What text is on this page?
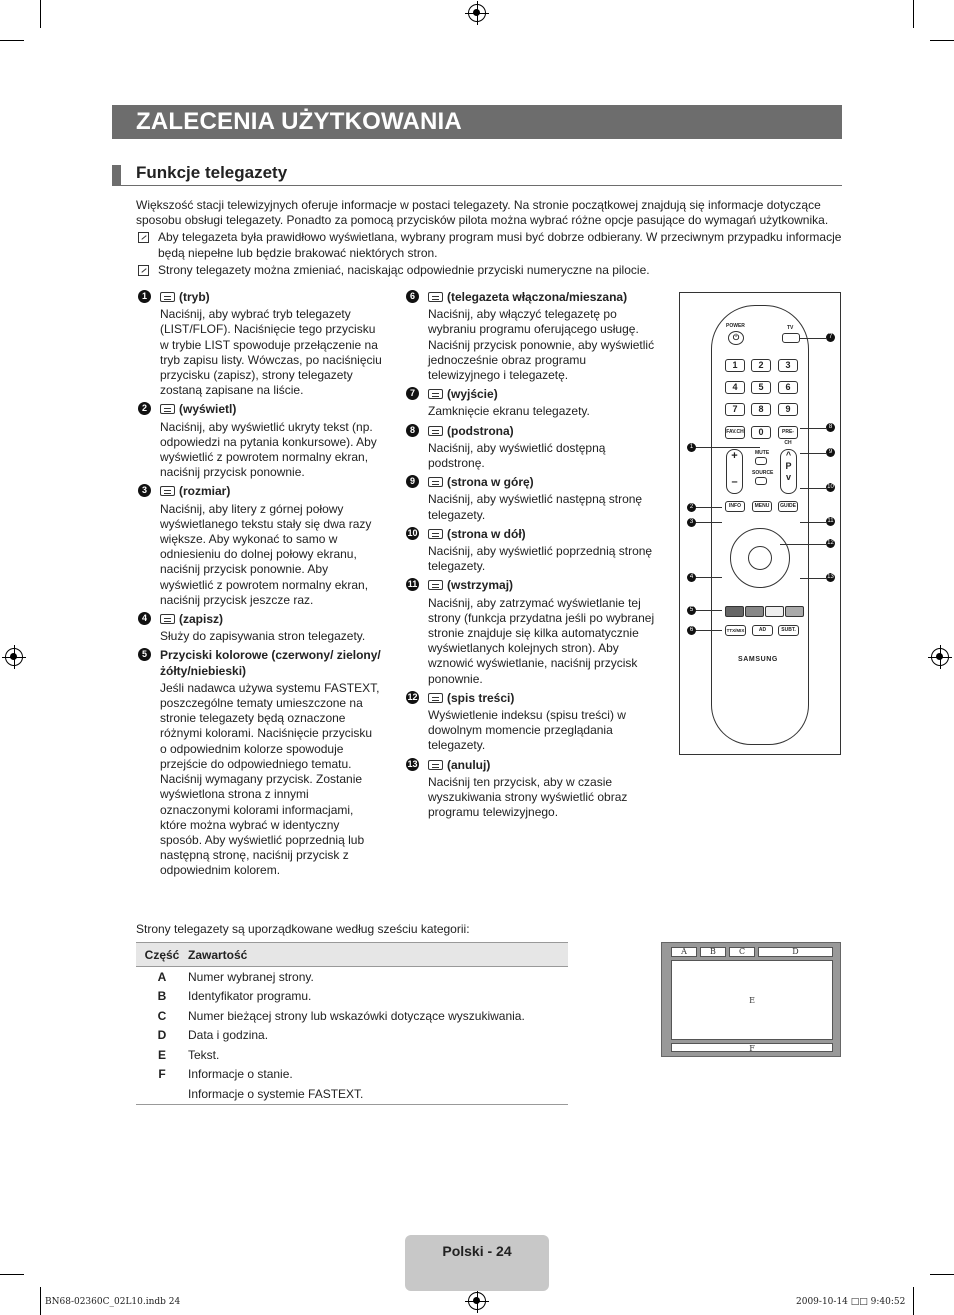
ZALECENIA UŻYTKOWANIA
Funkcje telegazety

Większość stacji telewizyjnych oferuje informacje w postaci telegazety. Na stronie początkowej znajdują się informacje dotyczące sposobu obsługi telegazety. Ponadto za pomocą przycisków pilota można wybrać różne opcje pasujące do wymagań użytkownika.

Aby telegazeta była prawidłowo wyświetlana, wybrany program musi być dobrze odbierany. W przeciwnym przypadku informacje będą niepełne lub będzie brakować niektórych stron.

Strony telegazety można zmieniać, naciskając odpowiednie przyciski numeryczne na pilocie.

1	(tryb)
Naciśnij, aby wybrać tryb telegazety (LIST/FLOF). Naciśnięcie tego przycisku w trybie LIST spowoduje przełączenie na tryb zapisu listy. Wówczas, po naciśnięciu przycisku (zapisz), strony telegazety zostaną zapisane na liście.
2	(wyświetl)
Naciśnij, aby wyświetlić ukryty tekst (np. odpowiedzi na pytania konkursowe). Aby wyświetlić z powrotem normalny ekran, naciśnij przycisk ponownie.
3	(rozmiar)
Naciśnij, aby litery z górnej połowy wyświetlanego tekstu stały się dwa razy większe. Aby wykonać to samo w odniesieniu do dolnej połowy ekranu, naciśnij przycisk ponownie. Aby wyświetlić z powrotem normalny ekran, naciśnij przycisk jeszcze raz.
4	(zapisz)
Służy do zapisywania stron telegazety.
5	Przyciski kolorowe (czerwony/ zielony/żółty/niebieski)
Jeśli nadawca używa systemu FASTEXT, poszczególne tematy umieszczone na stronie telegazety będą oznaczone różnymi kolorami. Naciśnięcie przycisku o odpowiednim kolorze spowoduje przejście do odpowiedniego tematu. Naciśnij wymagany przycisk. Zostanie wyświetlona strona z innymi oznaczonymi kolorami informacjami, które można wybrać w identyczny sposób. Aby wyświetlić poprzednią lub następną stronę, naciśnij przycisk z odpowiednim kolorem.
6	(telegazeta włączona/mieszana)
Naciśnij, aby włączyć telegazetę po wybraniu programu oferującego usługę. Naciśnij przycisk ponownie, aby wyświetlić jednocześnie obraz programu telewizyjnego i telegazetę.
7	(wyjście)
Zamknięcie ekranu telegazety.
8	(podstrona)
Naciśnij, aby wyświetlić dostępną podstronę.
9	(strona w górę)
Naciśnij, aby wyświetlić następną stronę telegazety.
10 (strona w dół)
Naciśnij, aby wyświetlić poprzednią stronę telegazety.
11 (wstrzymaj)
Naciśnij, aby zatrzymać wyświetlanie tej strony (funkcja przydatna jeśli po wybranej stronie znajduje się kilka automatycznie wyświetlanych kolejnych stron). Aby wznowić wyświetlanie, naciśnij przycisk ponownie.
12 (spis treści)
Wyświetlenie indeksu (spisu treści) w dowolnym momencie przeglądania telegazety.
13 (anuluj)
Naciśnij ten przycisk, aby w czasie wyszukiwania strony wyświetlić obraz programu telewizyjnego.
POWER
⏻
TV
1	2	3
4	5	6
7	8	9
FAV.CH	0	PRE-CH
+

–
MUTE
SOURCE
^
P
v
INFO	MENU	GUIDE
TTX/MIX	AD	SUBT.
SAMSUNG
1
2
3
4
5
6
7
8
9
10
11
12
13
Strony telegazety są uporządkowane według sześciu kategorii:
Część	Zawartość
A	Numer wybranej strony.
B	Identyfikator programu.
C	Numer bieżącej strony lub wskazówki dotyczące wyszukiwania.
D	Data i godzina.
E	Tekst.
F	Informacje o stanie.
	Informacje o systemie FASTEXT.
A	B	C	D
E
F
Polski - 24
BN68-02360C_02L10.indb 24	2009-10-14 □□ 9:40:52
